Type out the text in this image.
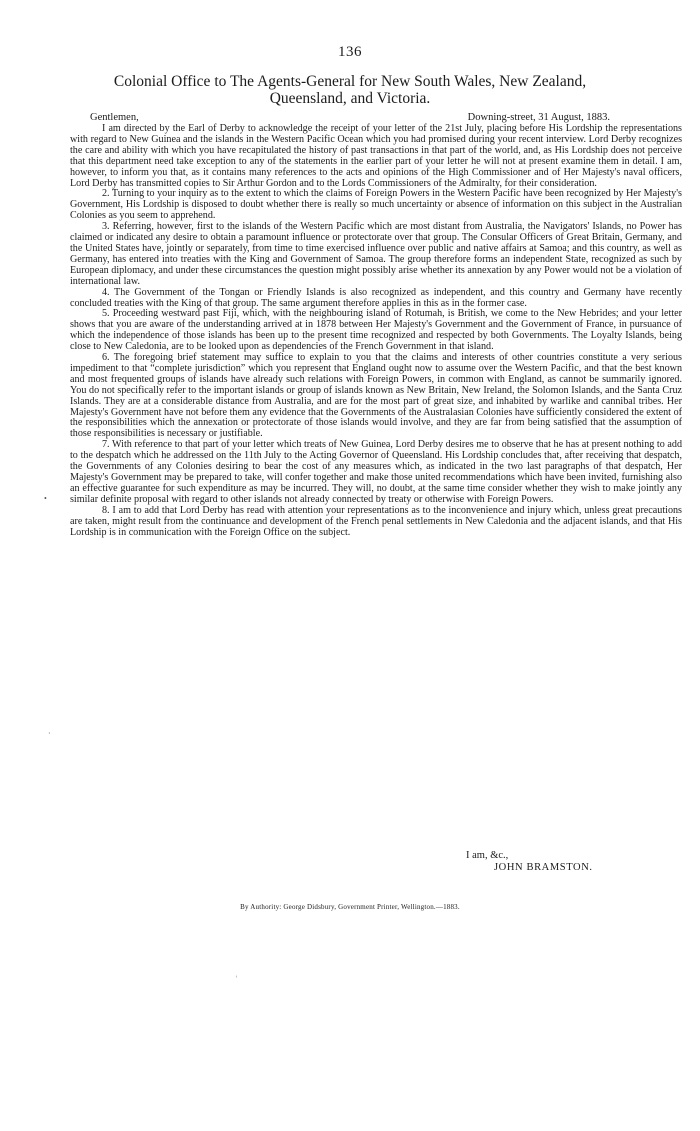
136
Colonial Office to The Agents-General for New South Wales, New Zealand,
Queensland, and Victoria.
Gentlemen,	Downing-street, 31 August, 1883.

I am directed by the Earl of Derby to acknowledge the receipt of your letter of the 21st July, placing before His Lordship the representations with regard to New Guinea and the islands in the Western Pacific Ocean which you had promised during your recent interview. Lord Derby recognizes the care and ability with which you have recapitulated the history of past transactions in that part of the world, and, as His Lordship does not perceive that this department need take exception to any of the statements in the earlier part of your letter he will not at present examine them in detail. I am, however, to inform you that, as it contains many references to the acts and opinions of the High Commissioner and of Her Majesty's naval officers, Lord Derby has transmitted copies to Sir Arthur Gordon and to the Lords Commissioners of the Admiralty, for their consideration.

2. Turning to your inquiry as to the extent to which the claims of Foreign Powers in the Western Pacific have been recognized by Her Majesty's Government, His Lordship is disposed to doubt whether there is really so much uncertainty or absence of information on this subject in the Australian Colonies as you seem to apprehend.

3. Referring, however, first to the islands of the Western Pacific which are most distant from Australia, the Navigators' Islands, no Power has claimed or indicated any desire to obtain a paramount influence or protectorate over that group. The Consular Officers of Great Britain, Germany, and the United States have, jointly or separately, from time to time exercised influence over public and native affairs at Samoa; and this country, as well as Germany, has entered into treaties with the King and Government of Samoa. The group therefore forms an independent State, recognized as such by European diplomacy, and under these circumstances the question might possibly arise whether its annexation by any Power would not be a violation of international law.

4. The Government of the Tongan or Friendly Islands is also recognized as independent, and this country and Germany have recently concluded treaties with the King of that group. The same argument therefore applies in this as in the former case.

5. Proceeding westward past Fiji, which, with the neighbouring island of Rotumah, is British, we come to the New Hebrides; and your letter shows that you are aware of the understanding arrived at in 1878 between Her Majesty's Government and the Government of France, in pursuance of which the independence of those islands has been up to the present time recognized and respected by both Governments. The Loyalty Islands, being close to New Caledonia, are to be looked upon as dependencies of the French Government in that island.

6. The foregoing brief statement may suffice to explain to you that the claims and interests of other countries constitute a very serious impediment to that “complete jurisdiction” which you represent that England ought now to assume over the Western Pacific, and that the best known and most frequented groups of islands have already such relations with Foreign Powers, in common with England, as cannot be summarily ignored. You do not specifically refer to the important islands or group of islands known as New Britain, New Ireland, the Solomon Islands, and the Santa Cruz Islands. They are at a considerable distance from Australia, and are for the most part of great size, and inhabited by warlike and cannibal tribes. Her Majesty's Government have not before them any evidence that the Governments of the Australasian Colonies have sufficiently considered the extent of the responsibilities which the annexation or protectorate of those islands would involve, and they are far from being satisfied that the assumption of those responsibilities is necessary or justifiable.

7. With reference to that part of your letter which treats of New Guinea, Lord Derby desires me to observe that he has at present nothing to add to the despatch which he addressed on the 11th July to the Acting Governor of Queensland. His Lordship concludes that, after receiving that despatch, the Governments of any Colonies desiring to bear the cost of any measures which, as indicated in the two last paragraphs of that despatch, Her Majesty's Government may be prepared to take, will confer together and make those united recommendations which have been invited, furnishing also an effective guarantee for such expenditure as may be incurred. They will, no doubt, at the same time consider whether they wish to make jointly any similar definite proposal with regard to other islands not already connected by treaty or otherwise with Foreign Powers.

8. I am to add that Lord Derby has read with attention your representations as to the inconvenience and injury which, unless great precautions are taken, might result from the continuance and development of the French penal settlements in New Caledonia and the adjacent islands, and that His Lordship is in communication with the Foreign Office on the subject.

I am, &c.,
JOHN BRAMSTON.
By Authority: George Didsbury, Government Printer, Wellington.—1883.
•
·
ʿ
